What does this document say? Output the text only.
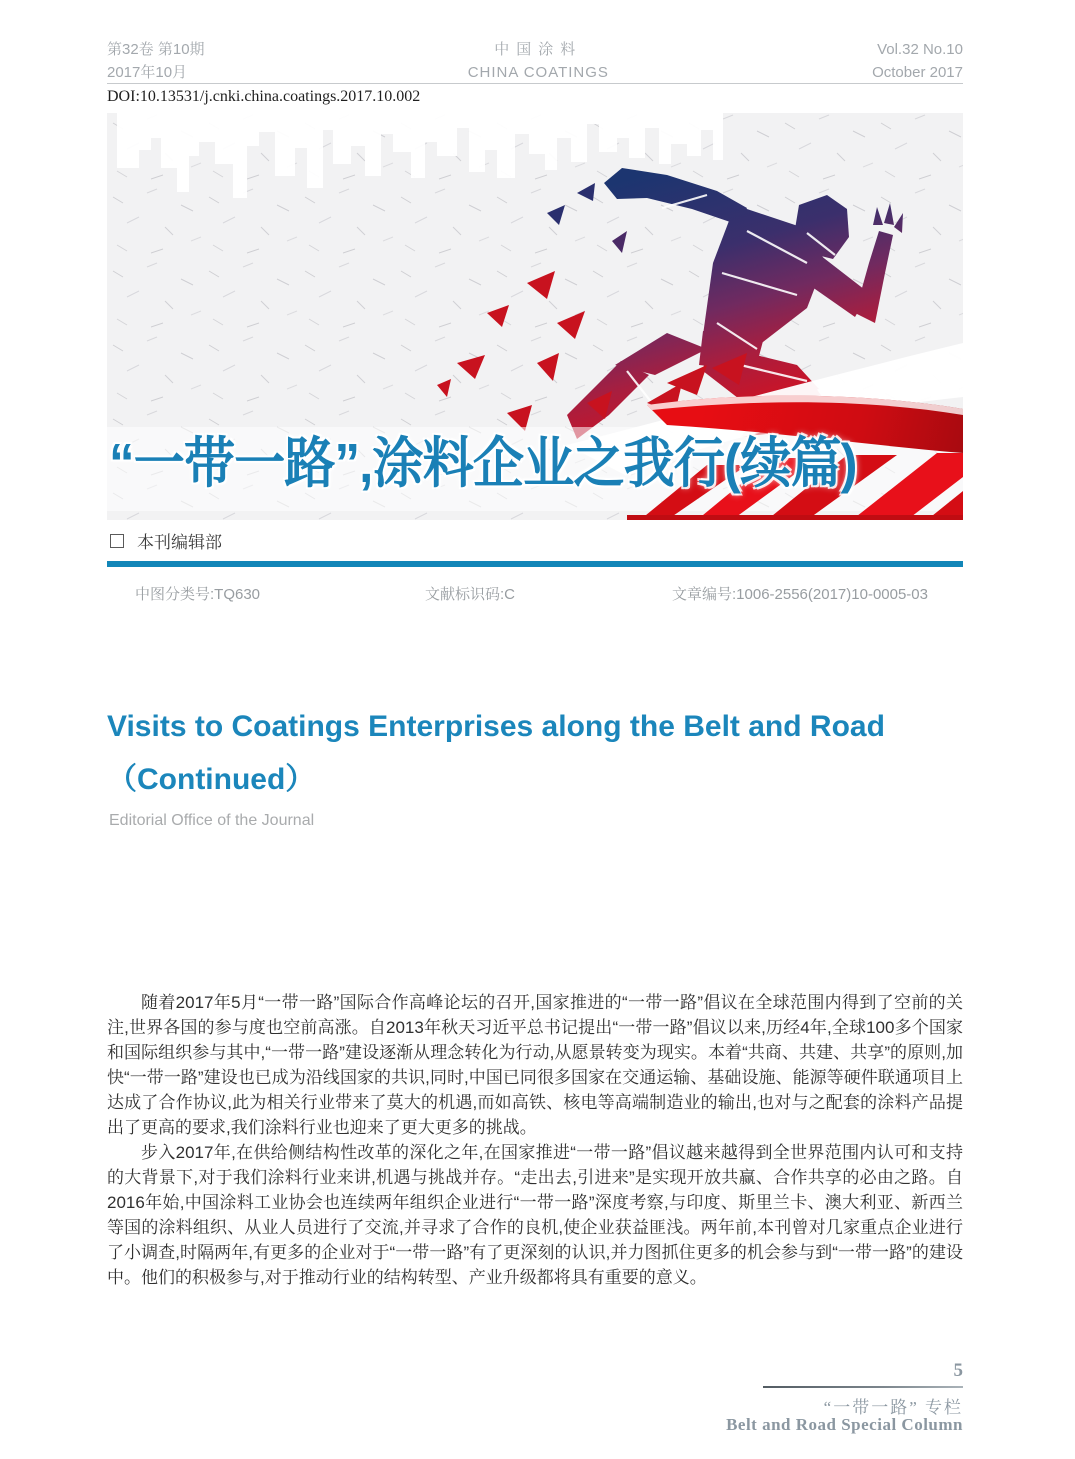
第32卷 第10期
2017年10月
中国涂料
CHINA COATINGS
Vol.32 No.10
October 2017
DOI:10.13531/j.cnki.china.coatings.2017.10.002
“一带一路”,涂料企业之我行(续篇)
本刊编辑部
中图分类号:TQ630	文献标识码:C	文章编号:1006-2556(2017)10-0005-03
Visits to Coatings Enterprises along the Belt and Road
（Continued）
Editorial Office of the Journal

随着2017年5月“一带一路”国际合作高峰论坛的召开,国家推进的“一带一路”倡议在全球范围内得到了空前的关注,世界各国的参与度也空前高涨。自2013年秋天习近平总书记提出“一带一路”倡议以来,历经4年,全球100多个国家和国际组织参与其中,“一带一路”建设逐渐从理念转化为行动,从愿景转变为现实。本着“共商、共建、共享”的原则,加快“一带一路”建设也已成为沿线国家的共识,同时,中国已同很多国家在交通运输、基础设施、能源等硬件联通项目上达成了合作协议,此为相关行业带来了莫大的机遇,而如高铁、核电等高端制造业的输出,也对与之配套的涂料产品提出了更高的要求,我们涂料行业也迎来了更大更多的挑战。

步入2017年,在供给侧结构性改革的深化之年,在国家推进“一带一路”倡议越来越得到全世界范围内认可和支持的大背景下,对于我们涂料行业来讲,机遇与挑战并存。“走出去,引进来”是实现开放共赢、合作共享的必由之路。自2016年始,中国涂料工业协会也连续两年组织企业进行“一带一路”深度考察,与印度、斯里兰卡、澳大利亚、新西兰等国的涂料组织、从业人员进行了交流,并寻求了合作的良机,使企业获益匪浅。两年前,本刊曾对几家重点企业进行了小调查,时隔两年,有更多的企业对于“一带一路”有了更深刻的认识,并力图抓住更多的机会参与到“一带一路”的建设中。他们的积极参与,对于推动行业的结构转型、产业升级都将具有重要的意义。

5
“一带一路” 专栏
Belt and Road Special Column
